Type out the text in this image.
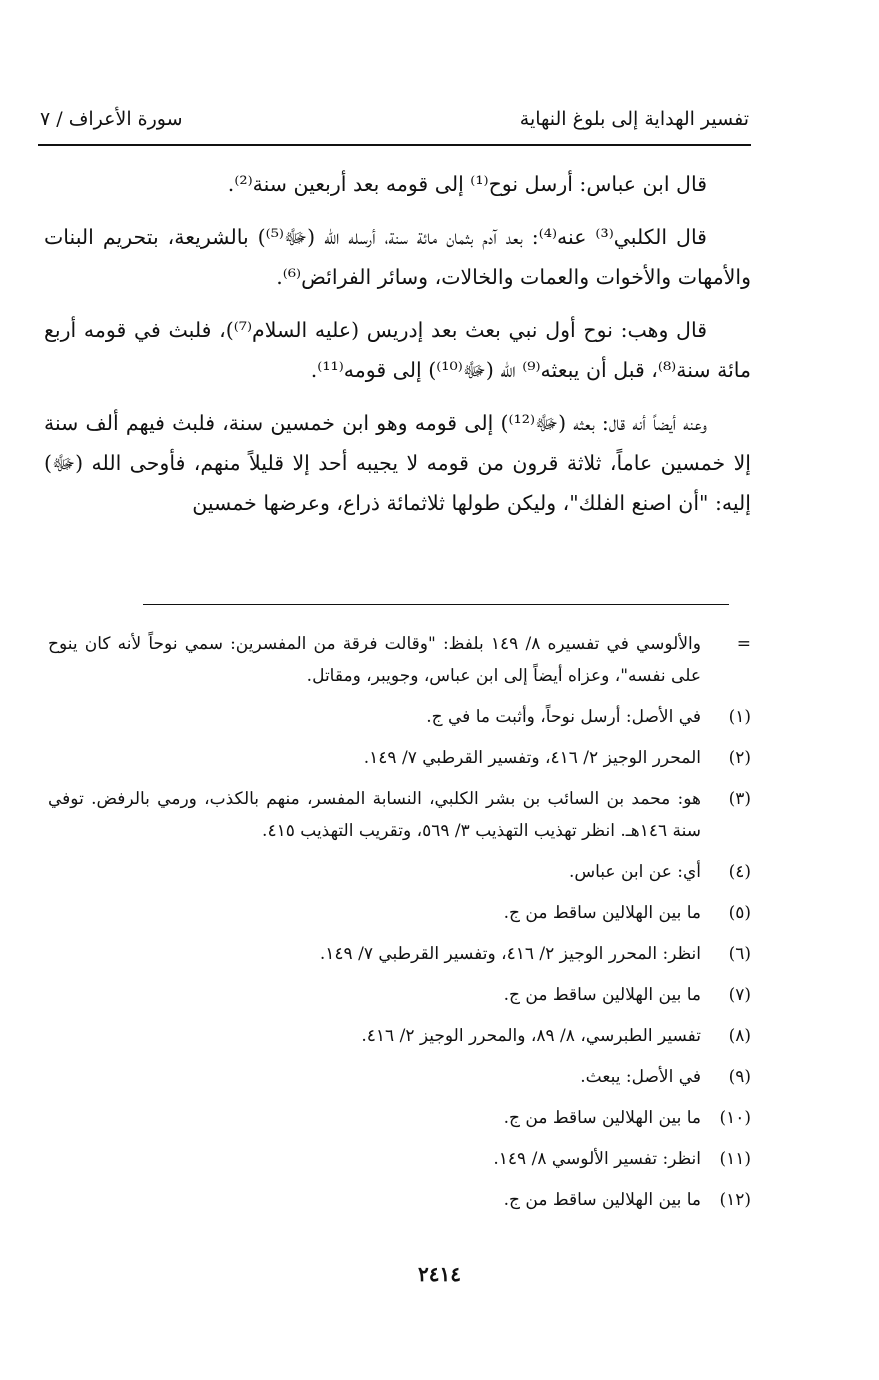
تفسير الهداية إلى بلوغ النهاية
سورة الأعراف / ٧

قال ابن عباس: أرسل نوح⁽¹⁾ إلى قومه بعد أربعين سنة⁽²⁾.

قال الكلبي⁽³⁾ عنه⁽⁴⁾: بعد آدم بثمان مائة سنة، أرسله الله (ﷻ⁽⁵⁾) بالشريعة، بتحريم البنات والأمهات والأخوات والعمات والخالات، وسائر الفرائض⁽⁶⁾.

قال وهب: نوح أول نبي بعث بعد إدريس (عليه السلام⁽⁷⁾)، فلبث في قومه أربع مائة سنة⁽⁸⁾، قبل أن يبعثه⁽⁹⁾ الله (ﷻ⁽¹⁰⁾) إلى قومه⁽¹¹⁾.

وعنه أيضاً أنه قال: بعثه (ﷻ⁽¹²⁾) إلى قومه وهو ابن خمسين سنة، فلبث فيهم ألف سنة إلا خمسين عاماً، ثلاثة قرون من قومه لا يجيبه أحد إلا قليلاً منهم، فأوحى الله (ﷻ) إليه: "أن اصنع الفلك"، وليكن طولها ثلاثمائة ذراع، وعرضها خمسين

=
والألوسي في تفسيره ٨/ ١٤٩ بلفظ: "وقالت فرقة من المفسرين: سمي نوحاً لأنه كان ينوح على نفسه"، وعزاه أيضاً إلى ابن عباس، وجويبر، ومقاتل.
(١)
في الأصل: أرسل نوحاً، وأثبت ما في ج.
(٢)
المحرر الوجيز ٢/ ٤١٦، وتفسير القرطبي ٧/ ١٤٩.
(٣)
هو: محمد بن السائب بن بشر الكلبي، النسابة المفسر، منهم بالكذب، ورمي بالرفض. توفي سنة ١٤٦هـ. انظر تهذيب التهذيب ٣/ ٥٦٩، وتقريب التهذيب ٤١٥.
(٤)
أي: عن ابن عباس.
(٥)
ما بين الهلالين ساقط من ج.
(٦)
انظر: المحرر الوجيز ٢/ ٤١٦، وتفسير القرطبي ٧/ ١٤٩.
(٧)
ما بين الهلالين ساقط من ج.
(٨)
تفسير الطبرسي، ٨/ ٨٩، والمحرر الوجيز ٢/ ٤١٦.
(٩)
في الأصل: يبعث.
(١٠)
ما بين الهلالين ساقط من ج.
(١١)
انظر: تفسير الألوسي ٨/ ١٤٩.
(١٢)
ما بين الهلالين ساقط من ج.
٢٤١٤
